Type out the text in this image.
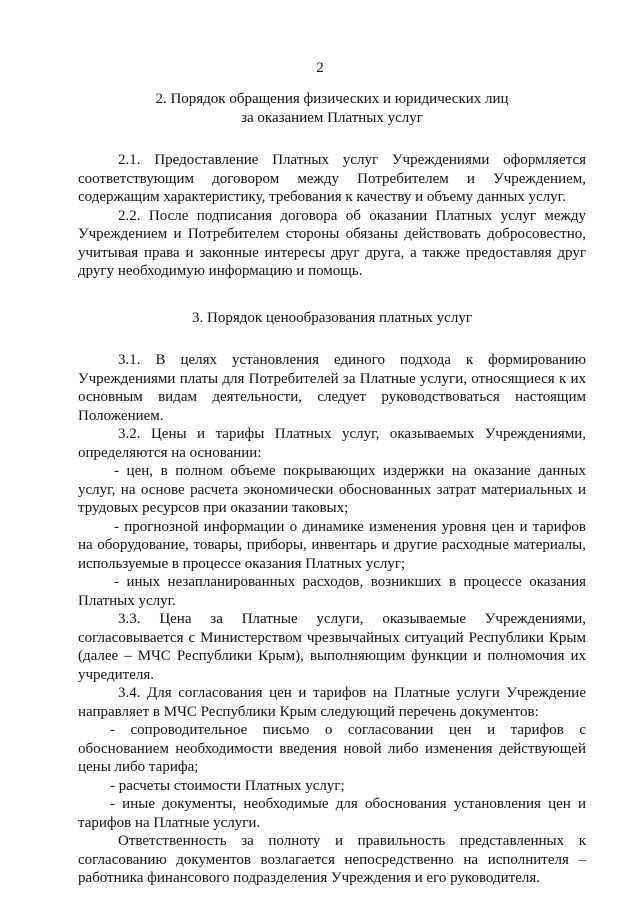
2
2. Порядок обращения физических и юридических лиц
за оказанием Платных услуг

2.1. Предоставление Платных услуг Учреждениями оформляется соответствующим договором между Потребителем и Учреждением, содержащим характеристику, требования к качеству и объему данных услуг.

2.2. После подписания договора об оказании Платных услуг между Учреждением и Потребителем стороны обязаны действовать добросовестно, учитывая права и законные интересы друг друга, а также предоставляя друг другу необходимую информацию и помощь.

3. Порядок ценообразования платных услуг

3.1. В целях установления единого подхода к формированию Учреждениями платы для Потребителей за Платные услуги, относящиеся к их основным видам деятельности, следует руководствоваться настоящим Положением.

3.2. Цены и тарифы Платных услуг, оказываемых Учреждениями, определяются на основании:

- цен, в полном объеме покрывающих издержки на оказание данных услуг, на основе расчета экономически обоснованных затрат материальных и трудовых ресурсов при оказании таковых;

- прогнозной информации о динамике изменения уровня цен и тарифов на оборудование, товары, приборы, инвентарь и другие расходные материалы, используемые в процессе оказания Платных услуг;

- иных незапланированных расходов, возникших в процессе оказания Платных услуг.

3.3. Цена за Платные услуги, оказываемые Учреждениями, согласовывается с Министерством чрезвычайных ситуаций Республики Крым (далее – МЧС Республики Крым), выполняющим функции и полномочия их учредителя.

3.4. Для согласования цен и тарифов на Платные услуги Учреждение направляет в МЧС Республики Крым следующий перечень документов:

- сопроводительное письмо о согласовании цен и тарифов с обоснованием необходимости введения новой либо изменения действующей цены либо тарифа;

- расчеты стоимости Платных услуг;

- иные документы, необходимые для обоснования установления цен и тарифов на Платные услуги.

Ответственность за полноту и правильность представленных к согласованию документов возлагается непосредственно на исполнителя – работника финансового подразделения Учреждения и его руководителя.
